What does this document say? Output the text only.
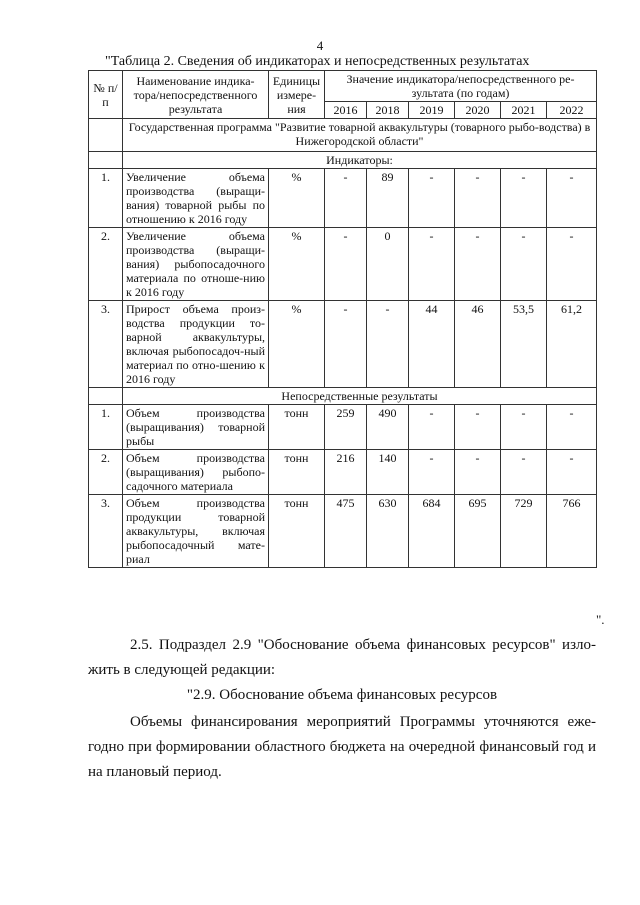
4
"Таблица 2. Сведения об индикаторах и непосредственных результатах
№ п/п	Наименование индика-тора/непосредственного результата	Единицы измере-ния	Значение индикатора/непосредственного ре-зультата (по годам)					
			2016	2018	2019	2020	2021	2022
	Государственная программа "Развитие товарной аквакультуры (товарного рыбо-водства) в Нижегородской области"							
	Индикаторы:							
1.	Увеличение объема производства (выращи-вания) товарной рыбы по отношению к 2016 году	%	-	89	-	-	-	-
2.	Увеличение объема производства (выращи-вания) рыбопосадочного материала по отноше-нию к 2016 году	%	-	0	-	-	-	-
3.	Прирост объема произ-водства продукции то-варной аквакультуры, включая рыбопосадоч-ный материал по отно-шению к 2016 году	%	-	-	44	46	53,5	61,2
	Непосредственные результаты							
1.	Объем производства (выращивания) товарной рыбы	тонн	259	490	-	-	-	-
2.	Объем производства (выращивания) рыбопо-садочного материала	тонн	216	140	-	-	-	-
3.	Объем производства продукции товарной аквакультуры, включая рыбопосадочный мате-риал	тонн	475	630	684	695	729	766
".
2.5. Подраздел 2.9 "Обоснование объема финансовых ресурсов" изло-жить в следующей редакции:
"2.9. Обоснование объема финансовых ресурсов
Объемы финансирования мероприятий Программы уточняются еже-годно при формировании областного бюджета на очередной финансовый год и на плановый период.
